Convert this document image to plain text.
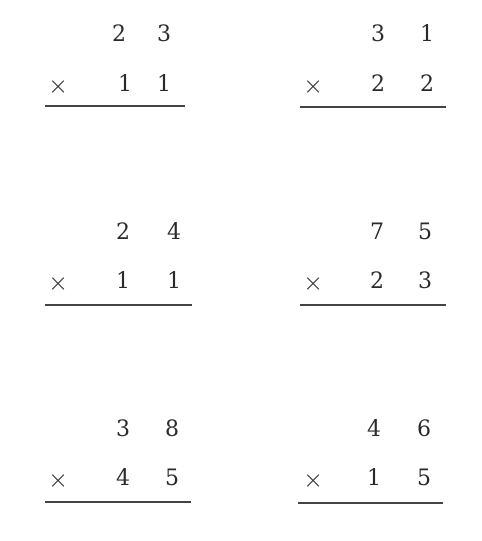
2 3
× 1 1
3 1
× 2 2
2 4
× 1 1
7 5
× 2 3
3 8
× 4 5
4 6
× 1 5
